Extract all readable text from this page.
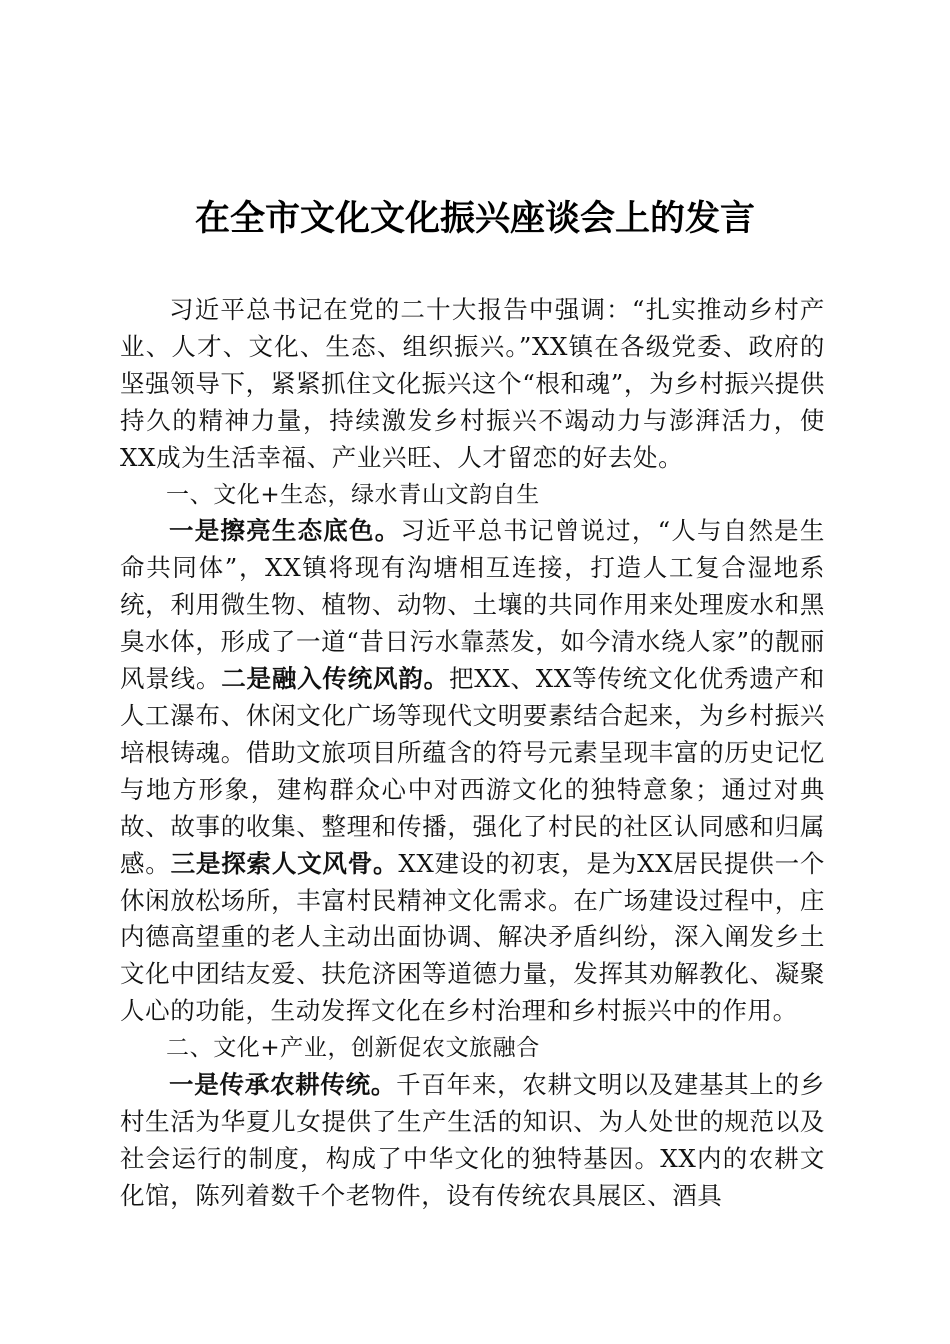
在全市文化文化振兴座谈会上的发言

习近平总书记在党的二十大报告中强调：“扎实推动乡村产业、人才、文化、生态、组织振兴。”XX镇在各级党委、政府的坚强领导下，紧紧抓住文化振兴这个“根和魂”，为乡村振兴提供持久的精神力量，持续激发乡村振兴不竭动力与澎湃活力，使XX成为生活幸福、产业兴旺、人才留恋的好去处。

一、文化+生态，绿水青山文韵自生

一是擦亮生态底色。习近平总书记曾说过，“人与自然是生命共同体”，XX镇将现有沟塘相互连接，打造人工复合湿地系统，利用微生物、植物、动物、土壤的共同作用来处理废水和黑臭水体，形成了一道“昔日污水靠蒸发，如今清水绕人家”的靓丽风景线。二是融入传统风韵。把XX、XX等传统文化优秀遗产和人工瀑布、休闲文化广场等现代文明要素结合起来，为乡村振兴培根铸魂。借助文旅项目所蕴含的符号元素呈现丰富的历史记忆与地方形象，建构群众心中对西游文化的独特意象；通过对典故、故事的收集、整理和传播，强化了村民的社区认同感和归属感。三是探索人文风骨。XX建设的初衷，是为XX居民提供一个休闲放松场所，丰富村民精神文化需求。在广场建设过程中，庄内德高望重的老人主动出面协调、解决矛盾纠纷，深入阐发乡土文化中团结友爱、扶危济困等道德力量，发挥其劝解教化、凝聚人心的功能，生动发挥文化在乡村治理和乡村振兴中的作用。

二、文化+产业，创新促农文旅融合

一是传承农耕传统。千百年来，农耕文明以及建基其上的乡村生活为华夏儿女提供了生产生活的知识、为人处世的规范以及社会运行的制度，构成了中华文化的独特基因。XX内的农耕文化馆，陈列着数千个老物件，设有传统农具展区、酒具
